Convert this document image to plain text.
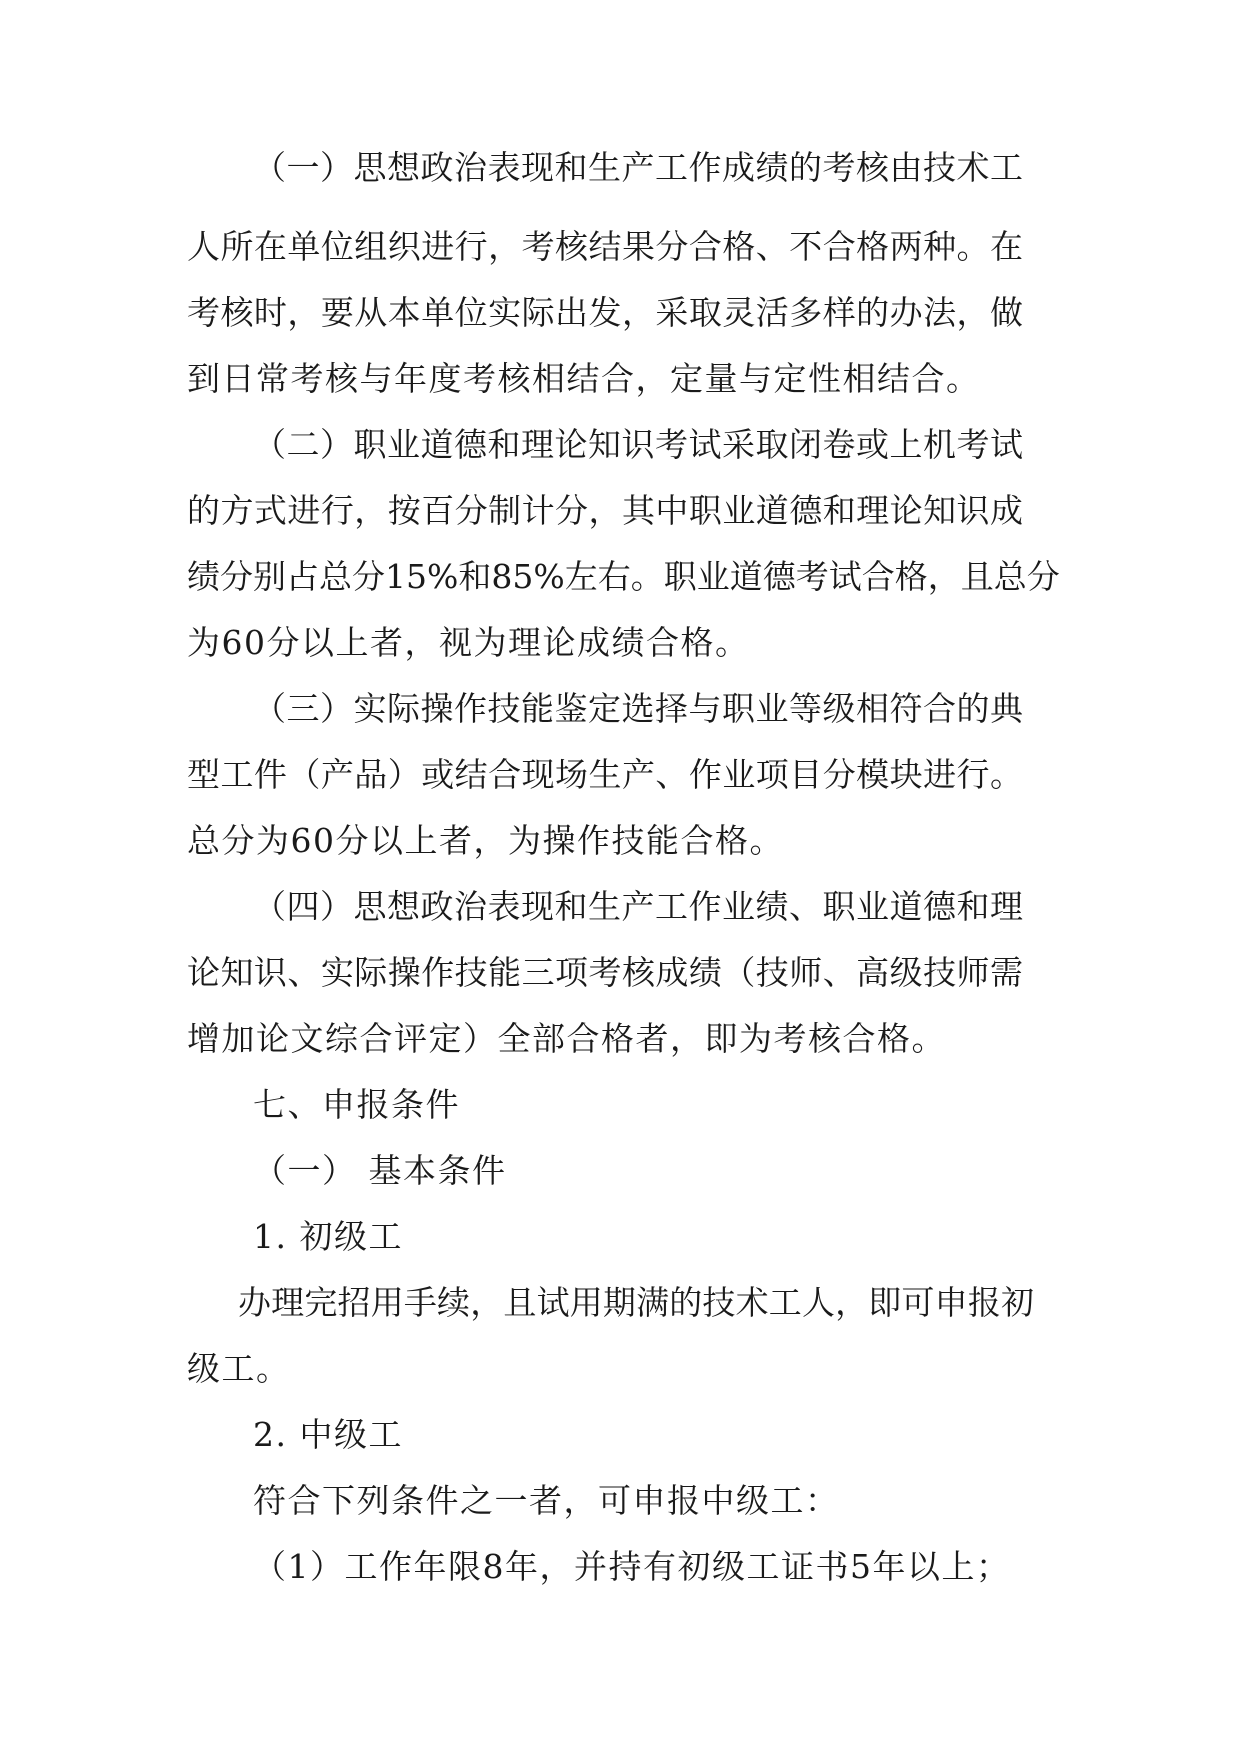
（一）思想政治表现和生产工作成绩的考核由技术工
人所在单位组织进行，考核结果分合格、不合格两种。在
考核时，要从本单位实际出发，采取灵活多样的办法，做
到日常考核与年度考核相结合，定量与定性相结合。
（二）职业道德和理论知识考试采取闭卷或上机考试
的方式进行，按百分制计分，其中职业道德和理论知识成
绩分别占总分15%和85%左右。职业道德考试合格，且总分
为60分以上者，视为理论成绩合格。
（三）实际操作技能鉴定选择与职业等级相符合的典
型工件（产品）或结合现场生产、作业项目分模块进行。
总分为60分以上者，为操作技能合格。
（四）思想政治表现和生产工作业绩、职业道德和理
论知识、实际操作技能三项考核成绩（技师、高级技师需
增加论文综合评定）全部合格者，即为考核合格。
七、申报条件
（一） 基本条件
1. 初级工
办理完招用手续，且试用期满的技术工人，即可申报初
级工。
2. 中级工
符合下列条件之一者，可申报中级工：
（1）工作年限8年，并持有初级工证书5年以上；
